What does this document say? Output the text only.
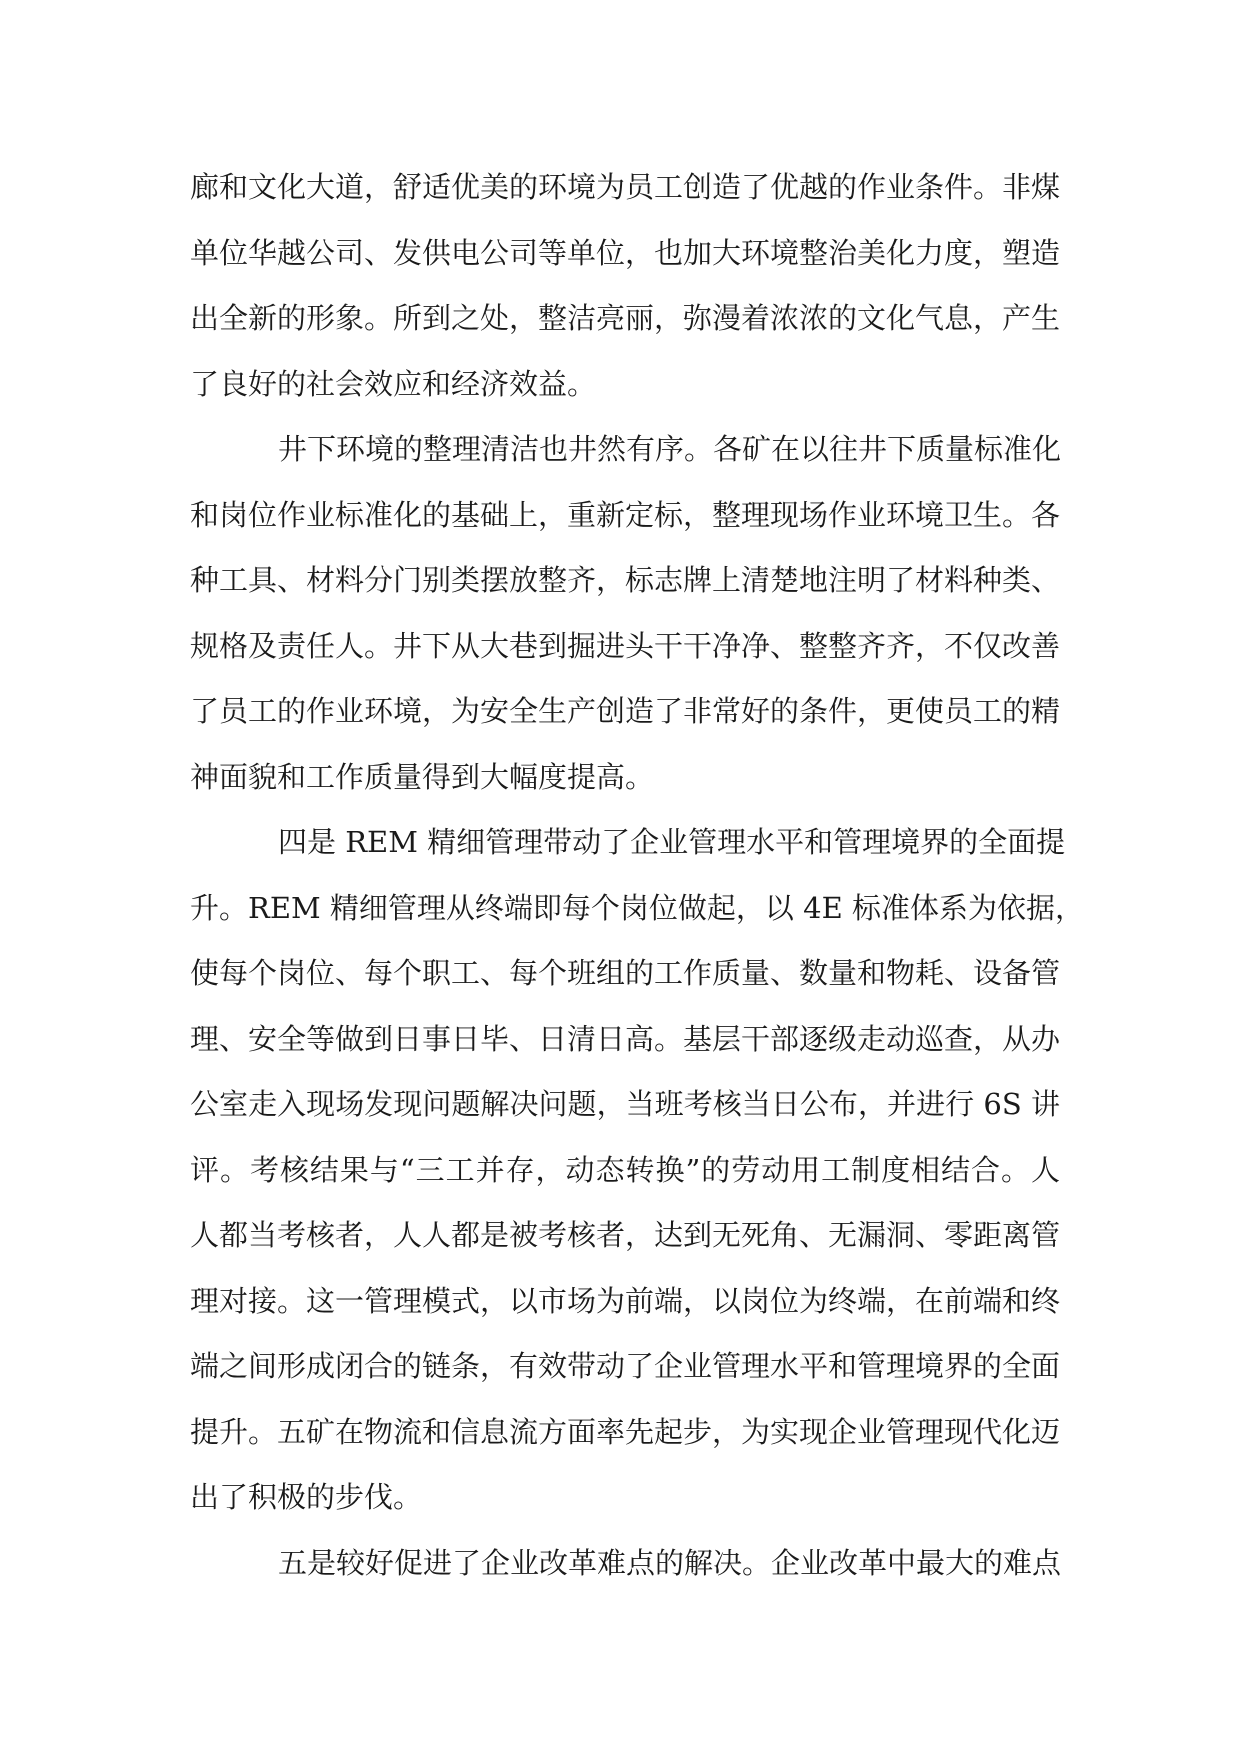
廊和文化大道，舒适优美的环境为员工创造了优越的作业条件。非煤
单位华越公司、发供电公司等单位，也加大环境整治美化力度，塑造
出全新的形象。所到之处，整洁亮丽，弥漫着浓浓的文化气息，产生
了良好的社会效应和经济效益。
井下环境的整理清洁也井然有序。各矿在以往井下质量标准化
和岗位作业标准化的基础上，重新定标，整理现场作业环境卫生。各
种工具、材料分门别类摆放整齐，标志牌上清楚地注明了材料种类、
规格及责任人。井下从大巷到掘进头干干净净、整整齐齐，不仅改善
了员工的作业环境，为安全生产创造了非常好的条件，更使员工的精
神面貌和工作质量得到大幅度提高。
四是 REM 精细管理带动了企业管理水平和管理境界的全面提
升。REM 精细管理从终端即每个岗位做起，以 4E 标准体系为依据，
使每个岗位、每个职工、每个班组的工作质量、数量和物耗、设备管
理、安全等做到日事日毕、日清日高。基层干部逐级走动巡查，从办
公室走入现场发现问题解决问题，当班考核当日公布，并进行 6S 讲
评。考核结果与“三工并存，动态转换”的劳动用工制度相结合。人
人都当考核者，人人都是被考核者，达到无死角、无漏洞、零距离管
理对接。这一管理模式，以市场为前端，以岗位为终端，在前端和终
端之间形成闭合的链条，有效带动了企业管理水平和管理境界的全面
提升。五矿在物流和信息流方面率先起步，为实现企业管理现代化迈
出了积极的步伐。
五是较好促进了企业改革难点的解决。企业改革中最大的难点
